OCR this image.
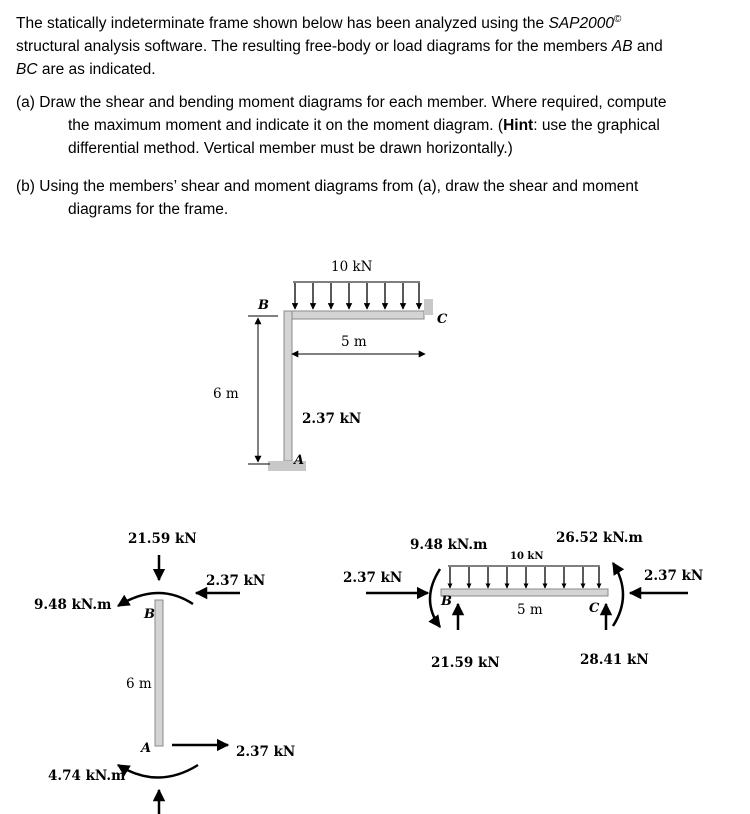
The statically indeterminate frame shown below has been analyzed using the SAP2000©

structural analysis software. The resulting free-body or load diagrams for the members AB and

BC are as indicated.

(a) Draw the shear and bending moment diagrams for each member. Where required, compute

the maximum moment and indicate it on the moment diagram. (Hint: use the graphical

differential method. Vertical member must be drawn horizontally.)

(b) Using the members’ shear and moment diagrams from (a), draw the shear and moment

diagrams for the frame.

10 kN
B
C
A
5 m
6 m
2.37 kN
21.59 kN
9.48 kN.m
2.37 kN
B
6 m
A	2.37 kN
4.74 kN.m
9.48 kN.m	26.52 kN.m
10 kN
2.37 kN	2.37 kN
B	C
5 m
21.59 kN	28.41 kN
